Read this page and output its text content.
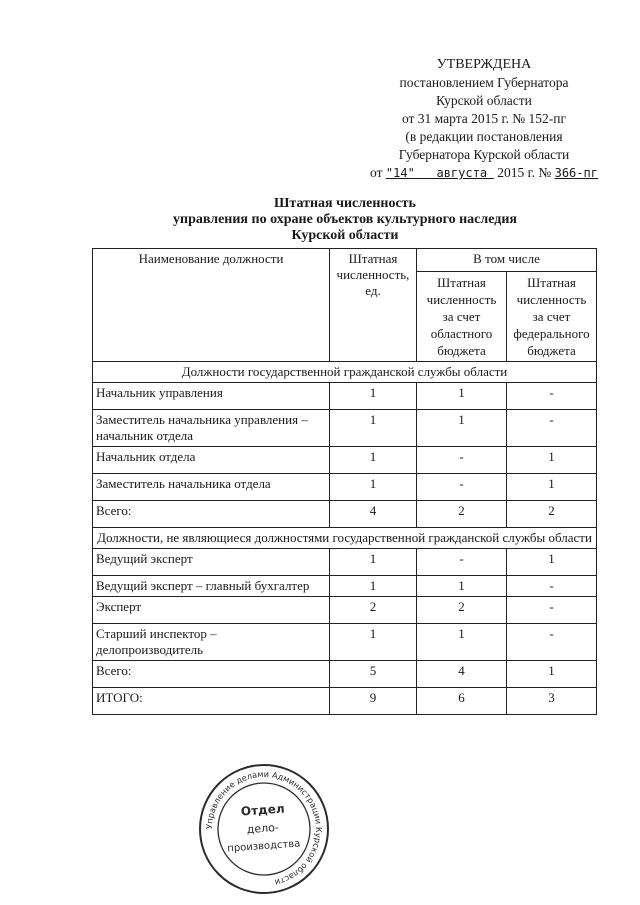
УТВЕРЖДЕНА
постановлением Губернатора
Курской области
от 31 марта 2015 г. № 152-пг
(в редакции постановления
Губернатора Курской области
от "14" августа 2015 г. № 366-пг
Штатная численность
управления по охране объектов культурного наследия
Курской области
Наименование должности	Штатная численность, ед.	В том числе	
		Штатная численность за счет областного бюджета	Штатная численность за счет федерального бюджета
Должности государственной гражданской службы области			
Начальник управления	1	1	-
Заместитель начальника управления – начальник отдела	1	1	-
Начальник отдела	1	-	1
Заместитель начальника отдела	1	-	1
Всего:	4	2	2
Должности, не являющиеся должностями государственной гражданской службы области			
Ведущий эксперт	1	-	1
Ведущий эксперт – главный бухгалтер	1	1	-
Эксперт	2	2	-
Старший инспектор – делопроизводитель	1	1	-
Всего:	5	4	1
ИТОГО:	9	6	3
Управление делами Администрации Курской области
Отдел
дело-
производства
